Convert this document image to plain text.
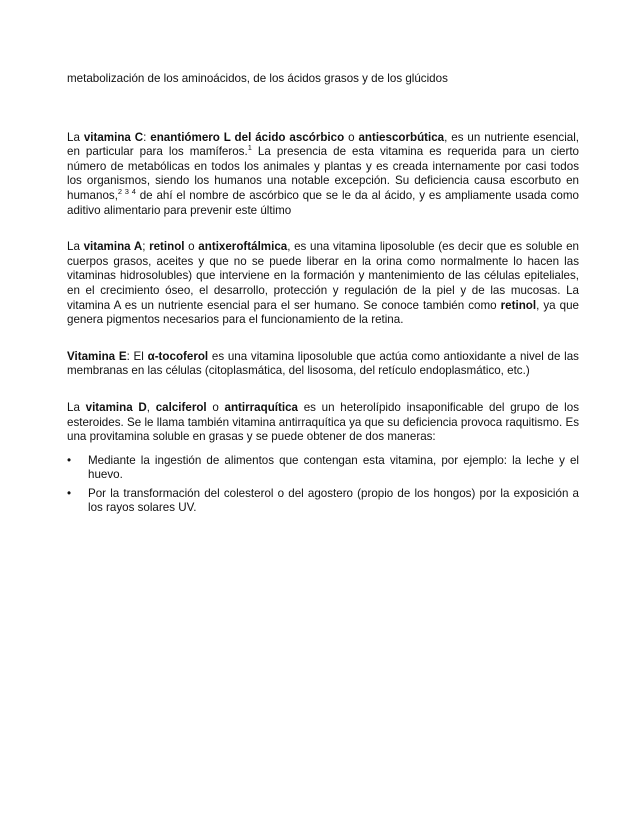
metabolización de los aminoácidos, de los ácidos grasos y de los glúcidos

La vitamina C: enantiómero L del ácido ascórbico o antiescorbútica, es un nutriente esencial, en particular para los mamíferos.$^1$ La presencia de esta vitamina es requerida para un cierto número de metabólicas en todos los animales y plantas y es creada internamente por casi todos los organismos, siendo los humanos una notable excepción. Su deficiencia causa escorbuto en humanos,$^{2 3 4}$ de ahí el nombre de ascórbico que se le da al ácido, y es ampliamente usada como aditivo alimentario para prevenir este último

La vitamina A; retinol o antixeroftálmica, es una vitamina liposoluble (es decir que es soluble en cuerpos grasos, aceites y que no se puede liberar en la orina como normalmente lo hacen las vitaminas hidrosolubles) que interviene en la formación y mantenimiento de las células epiteliales, en el crecimiento óseo, el desarrollo, protección y regulación de la piel y de las mucosas. La vitamina A es un nutriente esencial para el ser humano. Se conoce también como retinol, ya que genera pigmentos necesarios para el funcionamiento de la retina.

Vitamina E: El α-tocoferol es una vitamina liposoluble que actúa como antioxidante a nivel de las membranas en las células (citoplasmática, del lisosoma, del retículo endoplasmático, etc.)

La vitamina D, calciferol o antirraquítica es un heterolípido insaponificable del grupo de los esteroides. Se le llama también vitamina antirraquítica ya que su deficiencia provoca raquitismo. Es una provitamina soluble en grasas y se puede obtener de dos maneras:

•	Mediante la ingestión de alimentos que contengan esta vitamina, por ejemplo: la leche y el huevo.
•	Por la transformación del colesterol o del agostero (propio de los hongos) por la exposición a los rayos solares UV.
